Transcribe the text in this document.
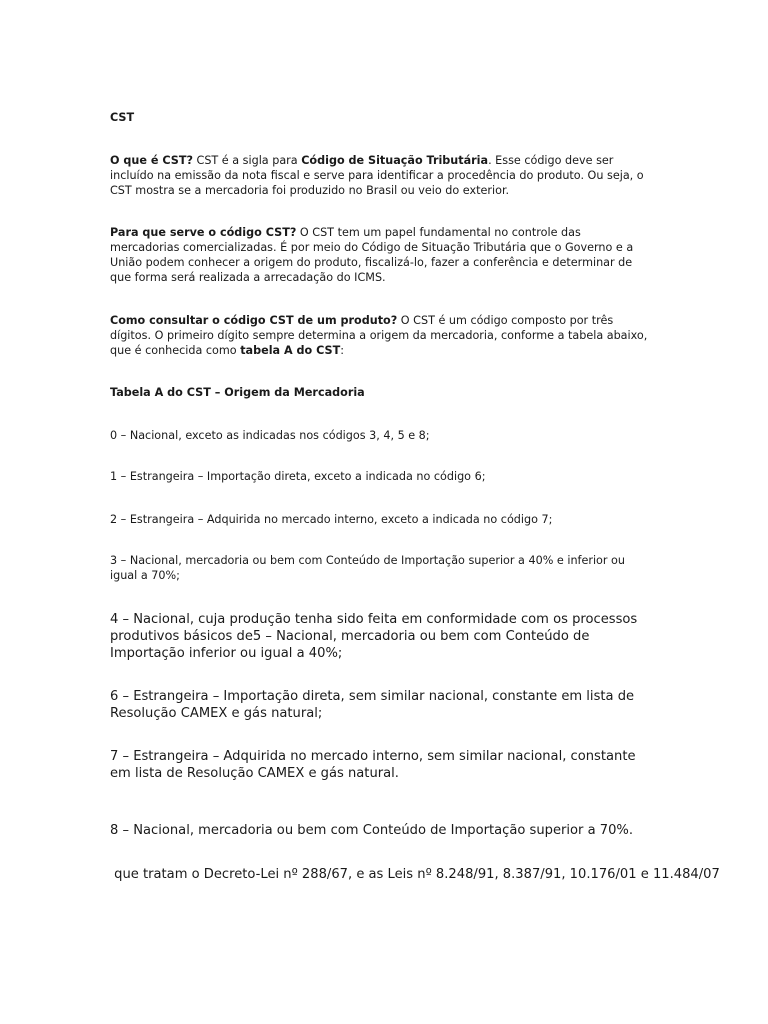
CST

O que é CST? CST é a sigla para Código de Situação Tributária. Esse código deve ser incluído na emissão da nota fiscal e serve para identificar a procedência do produto. Ou seja, o CST mostra se a mercadoria foi produzido no Brasil ou veio do exterior.

Para que serve o código CST? O CST tem um papel fundamental no controle das mercadorias comercializadas. É por meio do Código de Situação Tributária que o Governo e a União podem conhecer a origem do produto, fiscalizá-lo, fazer a conferência e determinar de que forma será realizada a arrecadação do ICMS.

Como consultar o código CST de um produto? O CST é um código composto por três dígitos. O primeiro dígito sempre determina a origem da mercadoria, conforme a tabela abaixo, que é conhecida como tabela A do CST:

Tabela A do CST – Origem da Mercadoria

0 – Nacional, exceto as indicadas nos códigos 3, 4, 5 e 8;

1 – Estrangeira – Importação direta, exceto a indicada no código 6;

2 – Estrangeira – Adquirida no mercado interno, exceto a indicada no código 7;

3 – Nacional, mercadoria ou bem com Conteúdo de Importação superior a 40% e inferior ou igual a 70%;

4 – Nacional, cuja produção tenha sido feita em conformidade com os processos produtivos básicos de5 – Nacional, mercadoria ou bem com Conteúdo de Importação inferior ou igual a 40%;

6 – Estrangeira – Importação direta, sem similar nacional, constante em lista de Resolução CAMEX e gás natural;

7 – Estrangeira – Adquirida no mercado interno, sem similar nacional, constante em lista de Resolução CAMEX e gás natural.

8 – Nacional, mercadoria ou bem com Conteúdo de Importação superior a 70%.

que tratam o Decreto-Lei nº 288/67, e as Leis nº 8.248/91, 8.387/91, 10.176/01 e 11.484/07
